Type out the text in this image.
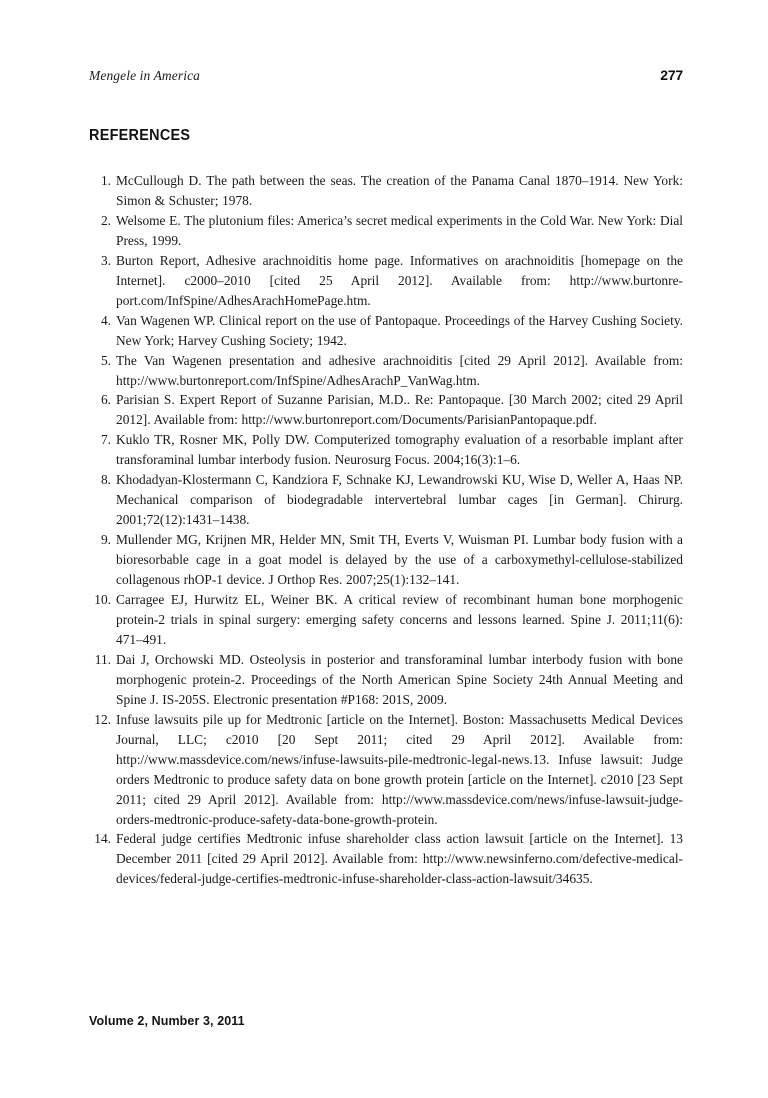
Mengele in America	277
REFERENCES
1. McCullough D. The path between the seas. The creation of the Panama Canal 1870–1914. New York: Simon & Schuster; 1978.
2. Welsome E. The plutonium files: America’s secret medical experiments in the Cold War. New York: Dial Press, 1999.
3. Burton Report, Adhesive arachnoiditis home page. Informatives on arachnoiditis [homepage on the Internet]. c2000–2010 [cited 25 April 2012]. Available from: http://www.burtonreport.com/InfSpine/AdhesArachHomePage.htm.
4. Van Wagenen WP. Clinical report on the use of Pantopaque. Proceedings of the Harvey Cushing Society. New York; Harvey Cushing Society; 1942.
5. The Van Wagenen presentation and adhesive arachnoiditis [cited 29 April 2012]. Available from: http://www.burtonreport.com/InfSpine/AdhesArachP_VanWag.htm.
6. Parisian S. Expert Report of Suzanne Parisian, M.D.. Re: Pantopaque. [30 March 2002; cited 29 April 2012]. Available from: http://www.burtonreport.com/Documents/ParisianPantopaque.pdf.
7. Kuklo TR, Rosner MK, Polly DW. Computerized tomography evaluation of a resorbable implant after transforaminal lumbar interbody fusion. Neurosurg Focus. 2004;16(3):1–6.
8. Khodadyan-Klostermann C, Kandziora F, Schnake KJ, Lewandrowski KU, Wise D, Weller A, Haas NP. Mechanical comparison of biodegradable intervertebral lumbar cages [in German]. Chirurg. 2001;72(12):1431–1438.
9. Mullender MG, Krijnen MR, Helder MN, Smit TH, Everts V, Wuisman PI. Lumbar body fusion with a bioresorbable cage in a goat model is delayed by the use of a carboxymethyl-cellulose-stabilized collagenous rhOP-1 device. J Orthop Res. 2007;25(1):132–141.
10. Carragee EJ, Hurwitz EL, Weiner BK. A critical review of recombinant human bone morphogenic protein-2 trials in spinal surgery: emerging safety concerns and lessons learned. Spine J. 2011;11(6): 471–491.
11. Dai J, Orchowski MD. Osteolysis in posterior and transforaminal lumbar interbody fusion with bone morphogenic protein-2. Proceedings of the North American Spine Society 24th Annual Meeting and Spine J. IS-205S. Electronic presentation #P168: 201S, 2009.
12. Infuse lawsuits pile up for Medtronic [article on the Internet]. Boston: Massachusetts Medical Devices Journal, LLC; c2010 [20 Sept 2011; cited 29 April 2012]. Available from: http://www.massdevice.com/news/infuse-lawsuits-pile-medtronic-legal-news.13. Infuse lawsuit: Judge orders Medtronic to produce safety data on bone growth protein [article on the Internet]. c2010 [23 Sept 2011; cited 29 April 2012]. Available from: http://www.massdevice.com/news/infuse-lawsuit-judge-orders-medtronic-produce-safety-data-bone-growth-protein.
14. Federal judge certifies Medtronic infuse shareholder class action lawsuit [article on the Internet]. 13 December 2011 [cited 29 April 2012]. Available from: http://www.newsinferno.com/defective-medical-devices/federal-judge-certifies-medtronic-infuse-shareholder-class-action-lawsuit/34635.
Volume 2, Number 3, 2011
